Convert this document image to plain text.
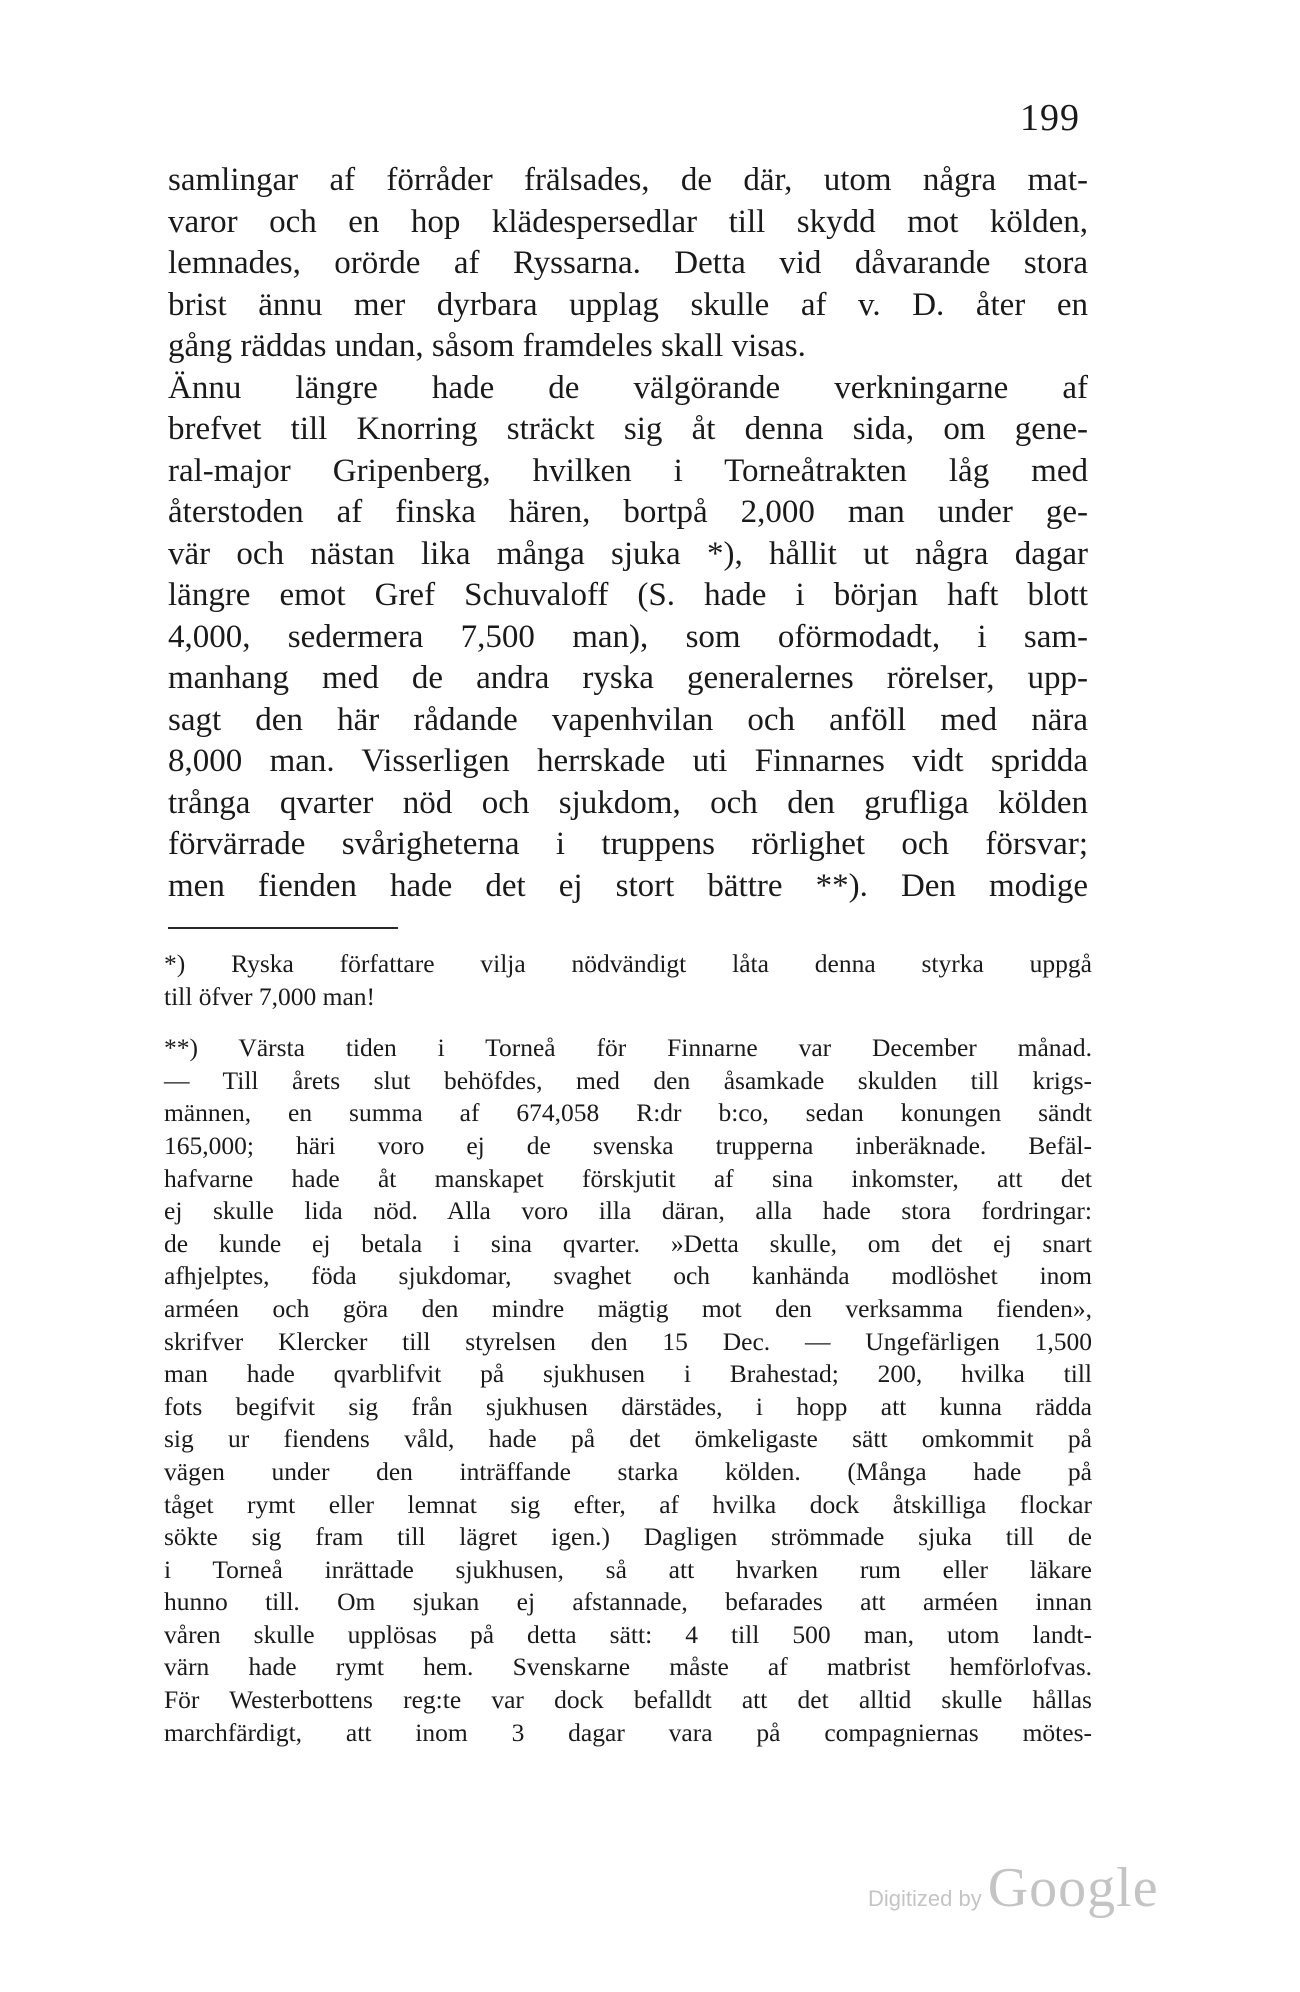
199
samlingar af förråder frälsades, de där, utom några mat-
varor och en hop klädespersedlar till skydd mot kölden,
lemnades, orörde af Ryssarna. Detta vid dåvarande stora
brist ännu mer dyrbara upplag skulle af v. D. åter en
gång räddas undan, såsom framdeles skall visas.
Ännu längre hade de välgörande verkningarne af
brefvet till Knorring sträckt sig åt denna sida, om gene-
ral-major Gripenberg, hvilken i Torneåtrakten låg med
återstoden af finska hären, bortpå 2,000 man under ge-
vär och nästan lika många sjuka *), hållit ut några dagar
längre emot Gref Schuvaloff (S. hade i början haft blott
4,000, sedermera 7,500 man), som oförmodadt, i sam-
manhang med de andra ryska generalernes rörelser, upp-
sagt den här rådande vapenhvilan och anföll med nära
8,000 man. Visserligen herrskade uti Finnarnes vidt spridda
trånga qvarter nöd och sjukdom, och den grufliga kölden
förvärrade svårigheterna i truppens rörlighet och försvar;
men fienden hade det ej stort bättre **). Den modige
*) Ryska författare vilja nödvändigt låta denna styrka uppgå
till öfver 7,000 man!
**) Värsta tiden i Torneå för Finnarne var December månad.
— Till årets slut behöfdes, med den åsamkade skulden till krigs-
männen, en summa af 674,058 R:dr b:co, sedan konungen sändt
165,000; häri voro ej de svenska trupperna inberäknade. Befäl-
hafvarne hade åt manskapet förskjutit af sina inkomster, att det
ej skulle lida nöd. Alla voro illa däran, alla hade stora fordringar:
de kunde ej betala i sina qvarter. »Detta skulle, om det ej snart
afhjelptes, föda sjukdomar, svaghet och kanhända modlöshet inom
arméen och göra den mindre mägtig mot den verksamma fienden»,
skrifver Klercker till styrelsen den 15 Dec. — Ungefärligen 1,500
man hade qvarblifvit på sjukhusen i Brahestad; 200, hvilka till
fots begifvit sig från sjukhusen därstädes, i hopp att kunna rädda
sig ur fiendens våld, hade på det ömkeligaste sätt omkommit på
vägen under den inträffande starka kölden. (Många hade på
tåget rymt eller lemnat sig efter, af hvilka dock åtskilliga flockar
sökte sig fram till lägret igen.) Dagligen strömmade sjuka till de
i Torneå inrättade sjukhusen, så att hvarken rum eller läkare
hunno till. Om sjukan ej afstannade, befarades att arméen innan
våren skulle upplösas på detta sätt: 4 till 500 man, utom landt-
värn hade rymt hem. Svenskarne måste af matbrist hemförlofvas.
För Westerbottens reg:te var dock befalldt att det alltid skulle hållas
marchfärdigt, att inom 3 dagar vara på compagniernas mötes-
Digitized by Google
